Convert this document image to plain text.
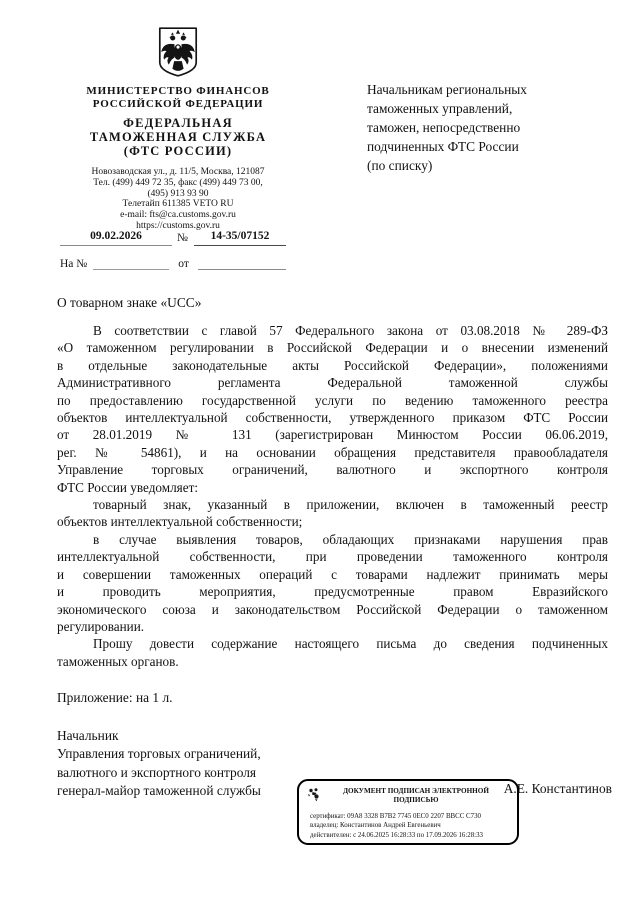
МИНИСТЕРСТВО ФИНАНСОВ
РОССИЙСКОЙ ФЕДЕРАЦИИ
ФЕДЕРАЛЬНАЯ
ТАМОЖЕННАЯ СЛУЖБА
(ФТС РОССИИ)
Новозаводская ул., д. 11/5, Москва, 121087
Тел. (499) 449 72 35, факс (499) 449 73 00,
(495) 913 93 90
Телетайп 611385 VETO RU
e-mail: fts@ca.customs.gov.ru
https://customs.gov.ru
09.02.2026	№	14-35/07152
На №	от
Начальникам региональных
таможенных управлений,
таможен, непосредственно
подчиненных ФТС России
(по списку)
О товарном знаке «UCC»
В соответствии с главой 57 Федерального закона от 03.08.2018 № 289-ФЗ
«О таможенном регулировании в Российской Федерации и о внесении изменений
в отдельные законодательные акты Российской Федерации», положениями
Административного регламента Федеральной таможенной службы
по предоставлению государственной услуги по ведению таможенного реестра
объектов интеллектуальной собственности, утвержденного приказом ФТС России
от 28.01.2019 № 131 (зарегистрирован Минюстом России 06.06.2019,
рег. № 54861), и на основании обращения представителя правообладателя
Управление торговых ограничений, валютного и экспортного контроля
ФТС России уведомляет:
товарный знак, указанный в приложении, включен в таможенный реестр
объектов интеллектуальной собственности;
в случае выявления товаров, обладающих признаками нарушения прав
интеллектуальной собственности, при проведении таможенного контроля
и совершении таможенных операций с товарами надлежит принимать меры
и проводить мероприятия, предусмотренные правом Евразийского
экономического союза и законодательством Российской Федерации о таможенном
регулировании.
Прошу довести содержание настоящего письма до сведения подчиненных
таможенных органов.
Приложение: на 1 л.
Начальник
Управления торговых ограничений,
валютного и экспортного контроля
генерал-майор таможенной службы	А.Е. Константинов
ДОКУМЕНТ ПОДПИСАН ЭЛЕКТРОННОЙ
ПОДПИСЬЮ
сертификат: 09A8 3328 B7B2 7745 0EC0 2207 BBCC C730
владелец: Константинов Андрей Евгеньевич
действителен: с 24.06.2025 16:28:33 по 17.09.2026 16:28:33
